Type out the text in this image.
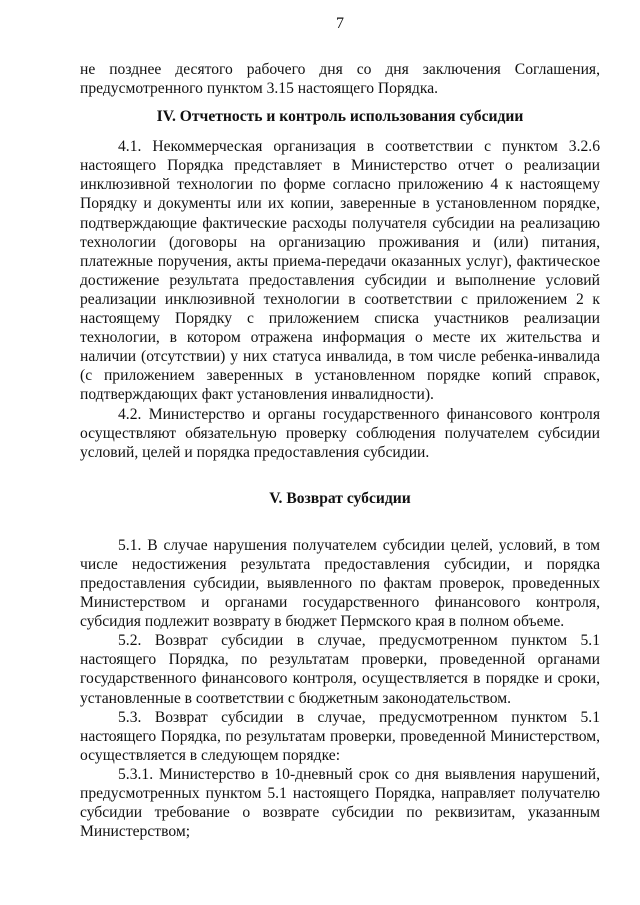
7

не позднее десятого рабочего дня со дня заключения Соглашения, предусмотренного пунктом 3.15 настоящего Порядка.

IV. Отчетность и контроль использования субсидии

4.1. Некоммерческая организация в соответствии с пунктом 3.2.6 настоящего Порядка представляет в Министерство отчет о реализации инклюзивной технологии по форме согласно приложению 4 к настоящему Порядку и документы или их копии, заверенные в установленном порядке, подтверждающие фактические расходы получателя субсидии на реализацию технологии (договоры на организацию проживания и (или) питания, платежные поручения, акты приема-передачи оказанных услуг), фактическое достижение результата предоставления субсидии и выполнение условий реализации инклюзивной технологии в соответствии с приложением 2 к настоящему Порядку с приложением списка участников реализации технологии, в котором отражена информация о месте их жительства и наличии (отсутствии) у них статуса инвалида, в том числе ребенка-инвалида (с приложением заверенных в установленном порядке копий справок, подтверждающих факт установления инвалидности).

4.2. Министерство и органы государственного финансового контроля осуществляют обязательную проверку соблюдения получателем субсидии условий, целей и порядка предоставления субсидии.

V. Возврат субсидии

5.1. В случае нарушения получателем субсидии целей, условий, в том числе недостижения результата предоставления субсидии, и порядка предоставления субсидии, выявленного по фактам проверок, проведенных Министерством и органами государственного финансового контроля, субсидия подлежит возврату в бюджет Пермского края в полном объеме.

5.2. Возврат субсидии в случае, предусмотренном пунктом 5.1 настоящего Порядка, по результатам проверки, проведенной органами государственного финансового контроля, осуществляется в порядке и сроки, установленные в соответствии с бюджетным законодательством.

5.3. Возврат субсидии в случае, предусмотренном пунктом 5.1 настоящего Порядка, по результатам проверки, проведенной Министерством, осуществляется в следующем порядке:

5.3.1. Министерство в 10-дневный срок со дня выявления нарушений, предусмотренных пунктом 5.1 настоящего Порядка, направляет получателю субсидии требование о возврате субсидии по реквизитам, указанным Министерством;
